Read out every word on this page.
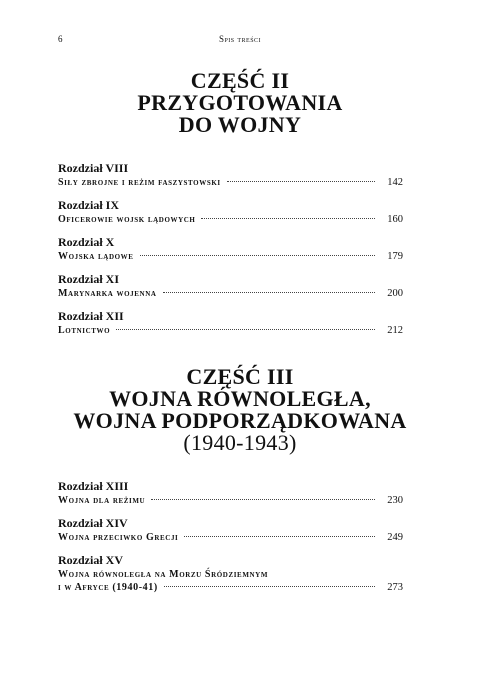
6	Spis treści
CZĘŚĆ II
PRZYGOTOWANIA
DO WOJNY
Rozdział VIII
Siły zbrojne i reżim faszystowski	142
Rozdział IX
Oficerowie wojsk lądowych	160
Rozdział X
Wojska lądowe	179
Rozdział XI
Marynarka wojenna	200
Rozdział XII
Lotnictwo	212
CZĘŚĆ III
WOJNA RÓWNOLEGŁA,
WOJNA PODPORZĄDKOWANA
(1940-1943)
Rozdział XIII
Wojna dla reżimu	230
Rozdział XIV
Wojna przeciwko Grecji	249
Rozdział XV
Wojna równoległa na Morzu Śródziemnym
i w Afryce (1940-41)	273
